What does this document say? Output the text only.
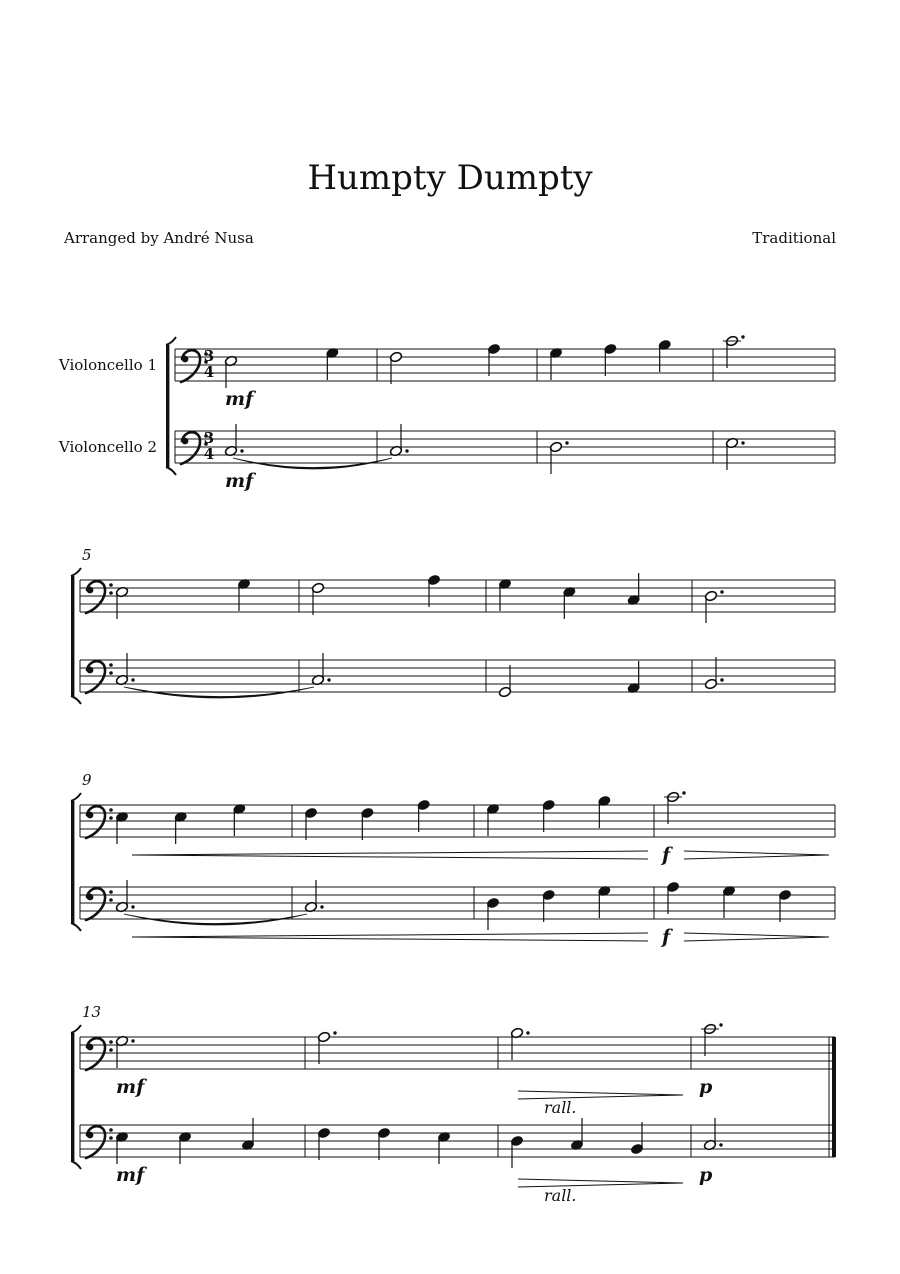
Humpty Dumpty
Arranged by André Nusa	Traditional
3
4
Violoncello 1
3
4
Violoncello 2
mf
mf
5
9
f
f
13
mf
mf
p
p
rall.
rall.
